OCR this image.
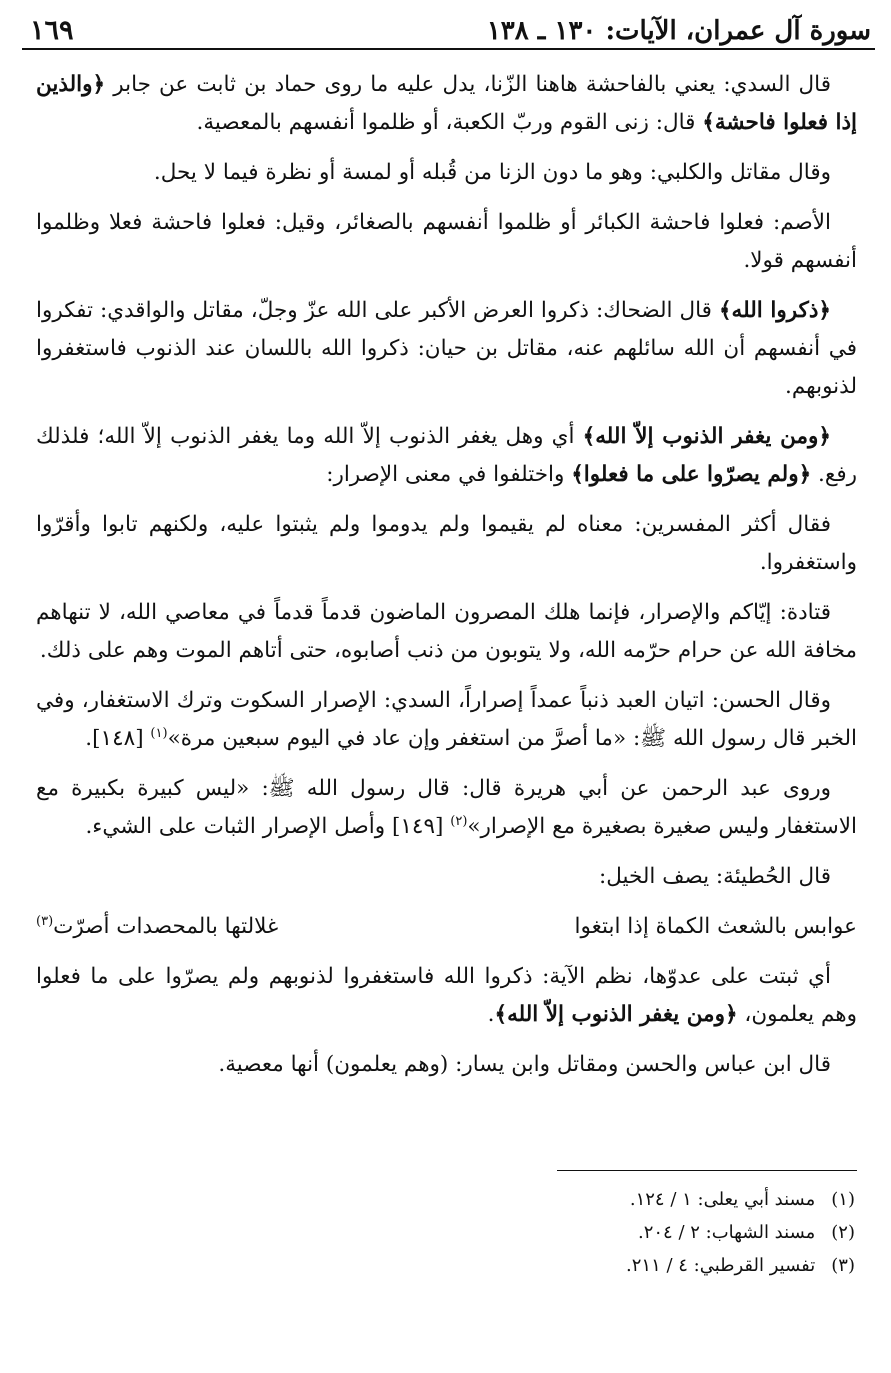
سورة آل عمران، الآيات: ١٣٠ ـ ١٣٨
١٦٩

قال السدي: يعني بالفاحشة هاهنا الزّنا، يدل عليه ما روى حماد بن ثابت عن جابر ﴿والذين إذا فعلوا فاحشة﴾ قال: زنى القوم وربّ الكعبة، أو ظلموا أنفسهم بالمعصية.

وقال مقاتل والكلبي: وهو ما دون الزنا من قُبله أو لمسة أو نظرة فيما لا يحل.

الأصم: فعلوا فاحشة الكبائر أو ظلموا أنفسهم بالصغائر، وقيل: فعلوا فاحشة فعلا وظلموا أنفسهم قولا.

﴿ذكروا الله﴾ قال الضحاك: ذكروا العرض الأكبر على الله عزّ وجلّ، مقاتل والواقدي: تفكروا في أنفسهم أن الله سائلهم عنه، مقاتل بن حيان: ذكروا الله باللسان عند الذنوب فاستغفروا لذنوبهم.

﴿ومن يغفر الذنوب إلاّ الله﴾ أي وهل يغفر الذنوب إلاّ الله وما يغفر الذنوب إلاّ الله؛ فلذلك رفع. ﴿ولم يصرّوا على ما فعلوا﴾ واختلفوا في معنى الإصرار:

فقال أكثر المفسرين: معناه لم يقيموا ولم يدوموا ولم يثبتوا عليه، ولكنهم تابوا وأقرّوا واستغفروا.

قتادة: إيّاكم والإصرار، فإنما هلك المصرون الماضون قدماً قدماً في معاصي الله، لا تنهاهم مخافة الله عن حرام حرّمه الله، ولا يتوبون من ذنب أصابوه، حتى أتاهم الموت وهم على ذلك.

وقال الحسن: اتيان العبد ذنباً عمداً إصراراً، السدي: الإصرار السكوت وترك الاستغفار، وفي الخبر قال رسول الله ﷺ: «ما أصرَّ من استغفر وإن عاد في اليوم سبعين مرة»$^{(١)}$ [١٤٨].

وروى عبد الرحمن عن أبي هريرة قال: قال رسول الله ﷺ: «ليس كبيرة بكبيرة مع الاستغفار وليس صغيرة بصغيرة مع الإصرار»$^{(٢)}$ [١٤٩] وأصل الإصرار الثبات على الشيء.

قال الحُطيئة: يصف الخيل:

عوابس بالشعث الكماة إذا ابتغوا
غلالتها بالمحصدات أصرّت$^{(٣)}$

أي ثبتت على عدوّها، نظم الآية: ذكروا الله فاستغفروا لذنوبهم ولم يصرّوا على ما فعلوا وهم يعلمون، ﴿ومن يغفر الذنوب إلاّ الله﴾.

قال ابن عباس والحسن ومقاتل وابن يسار: (وهم يعلمون) أنها معصية.

(١)مسند أبي يعلى: ١ / ١٢٤.
(٢)مسند الشهاب: ٢ / ٢٠٤.
(٣)تفسير القرطبي: ٤ / ٢١١.
